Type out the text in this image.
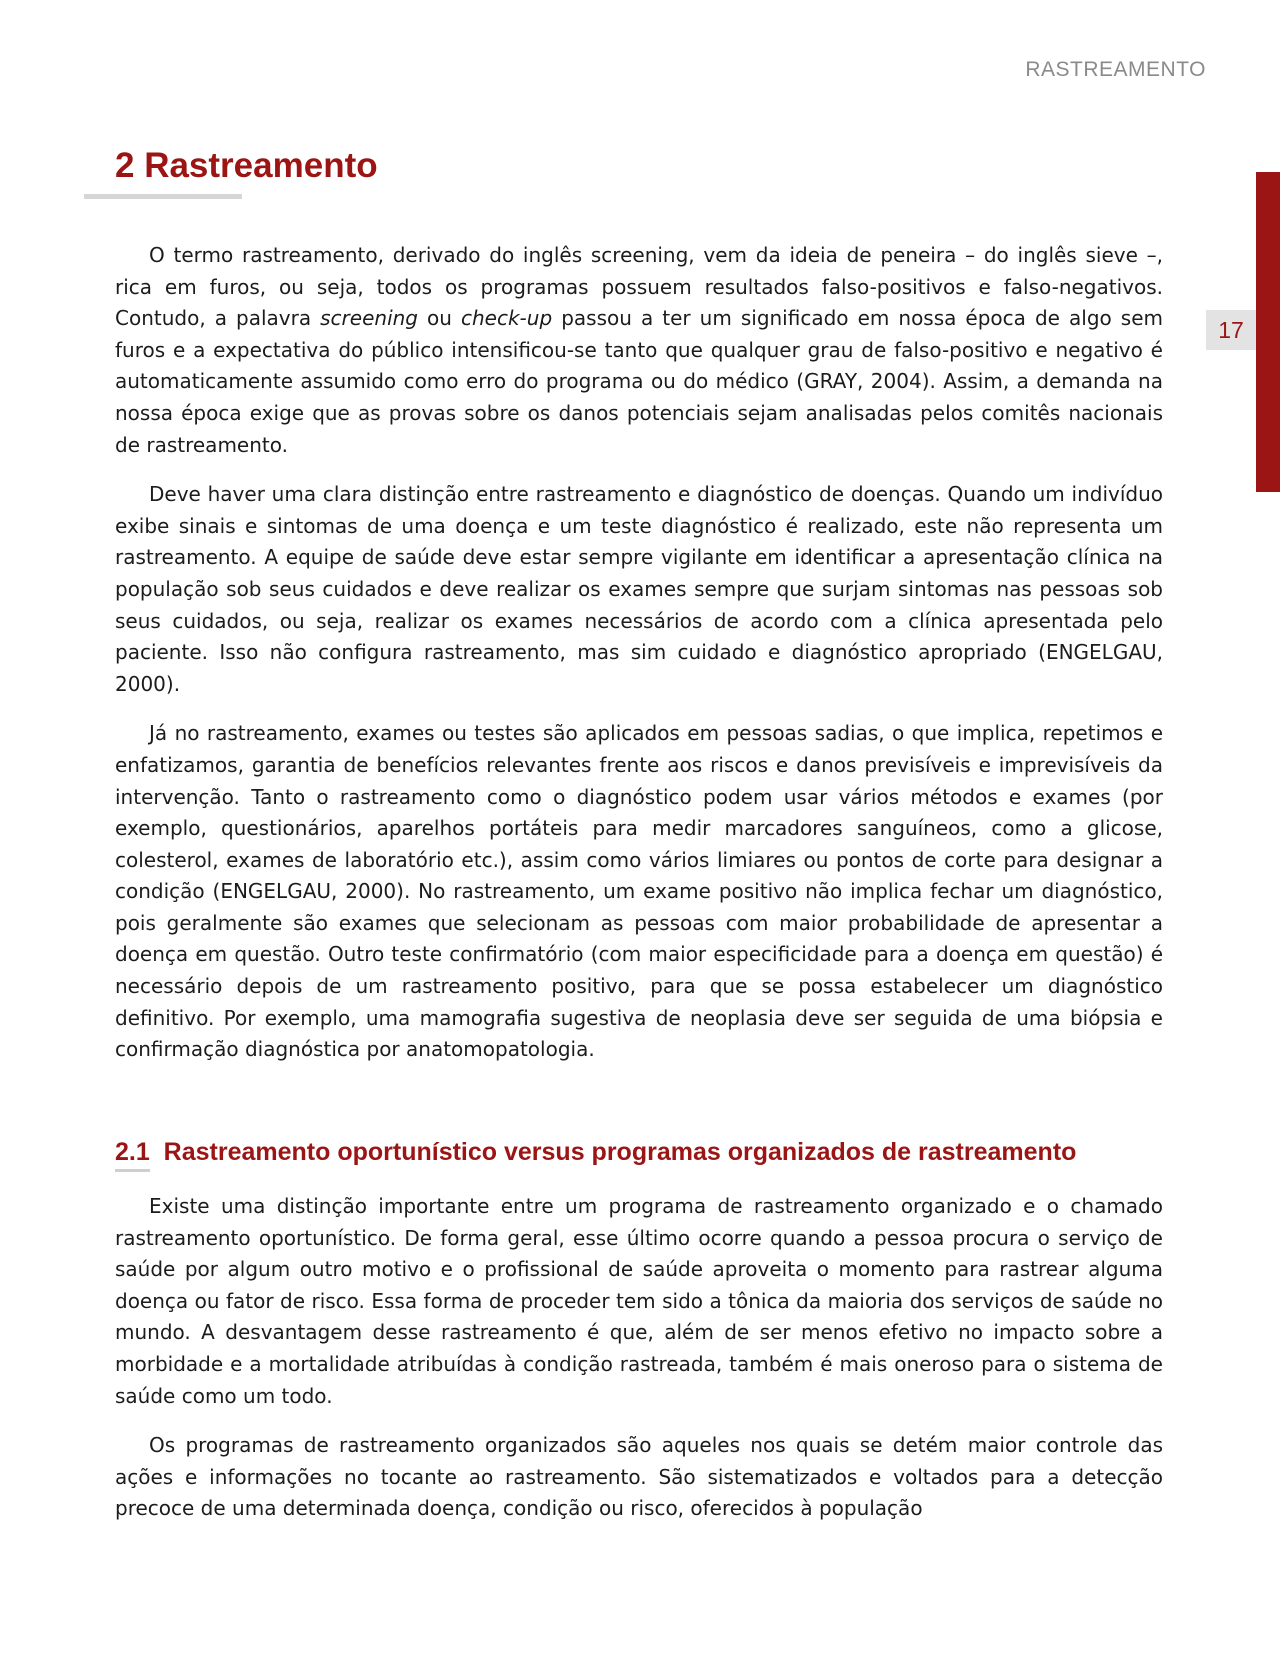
RASTREAMENTO
17
2 Rastreamento

O termo rastreamento, derivado do inglês screening, vem da ideia de peneira – do inglês sieve –, rica em furos, ou seja, todos os programas possuem resultados falso-positivos e falso-negativos. Contudo, a palavra screening ou check-up passou a ter um significado em nossa época de algo sem furos e a expectativa do público intensificou-se tanto que qualquer grau de falso-positivo e negativo é automaticamente assumido como erro do programa ou do médico (GRAY, 2004). Assim, a demanda na nossa época exige que as provas sobre os danos potenciais sejam analisadas pelos comitês nacionais de rastreamento.

Deve haver uma clara distinção entre rastreamento e diagnóstico de doenças. Quando um indivíduo exibe sinais e sintomas de uma doença e um teste diagnóstico é realizado, este não representa um rastreamento. A equipe de saúde deve estar sempre vigilante em identificar a apresentação clínica na população sob seus cuidados e deve realizar os exames sempre que surjam sintomas nas pessoas sob seus cuidados, ou seja, realizar os exames necessários de acordo com a clínica apresentada pelo paciente. Isso não configura rastreamento, mas sim cuidado e diagnóstico apropriado (ENGELGAU, 2000).

Já no rastreamento, exames ou testes são aplicados em pessoas sadias, o que implica, repetimos e enfatizamos, garantia de benefícios relevantes frente aos riscos e danos previsíveis e imprevisíveis da intervenção. Tanto o rastreamento como o diagnóstico podem usar vários métodos e exames (por exemplo, questionários, aparelhos portáteis para medir marcadores sanguíneos, como a glicose, colesterol, exames de laboratório etc.), assim como vários limiares ou pontos de corte para designar a condição (ENGELGAU, 2000). No rastreamento, um exame positivo não implica fechar um diagnóstico, pois geralmente são exames que selecionam as pessoas com maior probabilidade de apresentar a doença em questão. Outro teste confirmatório (com maior especificidade para a doença em questão) é necessário depois de um rastreamento positivo, para que se possa estabelecer um diagnóstico definitivo. Por exemplo, uma mamografia sugestiva de neoplasia deve ser seguida de uma biópsia e confirmação diagnóstica por anatomopatologia.

2.1 Rastreamento oportunístico versus programas organizados de rastreamento

Existe uma distinção importante entre um programa de rastreamento organizado e o chamado rastreamento oportunístico. De forma geral, esse último ocorre quando a pessoa procura o serviço de saúde por algum outro motivo e o profissional de saúde aproveita o momento para rastrear alguma doença ou fator de risco. Essa forma de proceder tem sido a tônica da maioria dos serviços de saúde no mundo. A desvantagem desse rastreamento é que, além de ser menos efetivo no impacto sobre a morbidade e a mortalidade atribuídas à condição rastreada, também é mais oneroso para o sistema de saúde como um todo.

Os programas de rastreamento organizados são aqueles nos quais se detém maior controle das ações e informações no tocante ao rastreamento. São sistematizados e voltados para a detecção precoce de uma determinada doença, condição ou risco, oferecidos à população
